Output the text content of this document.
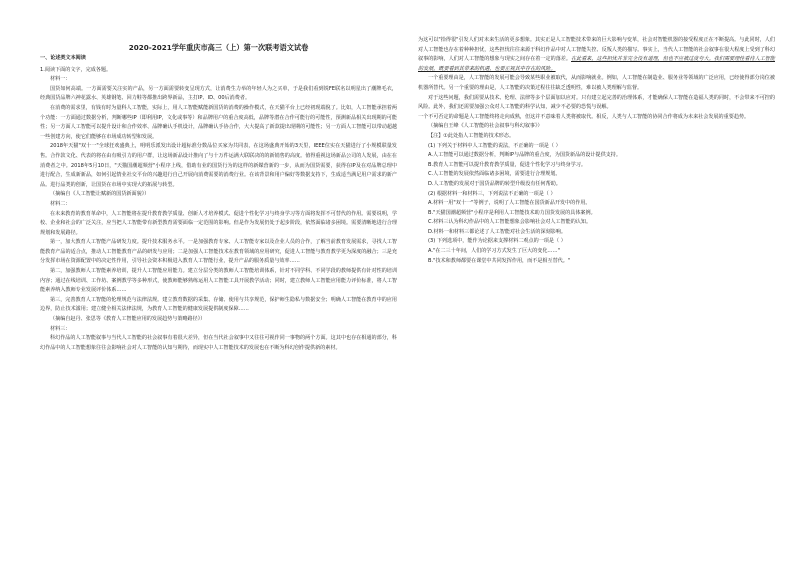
2020-2021学年重庆市高三（上）第一次联考语文试卷

一、论述类文本阅读

1.阅读下面的文字，完成各题。

材料一：

国货如何高端。一方面需要关注实的产品，另一方面需要转变呈现方式，让消费生力举的年轻人为之买单，于是我们看到锐FE联名以明星出了潮牌毛衣，经典国货品牌六神花露水、英雄钢笔、回力鞋等都推出跨界新品，主打IP、ID、00后消费者。

在消费的需求里，有钱有时为量科人工智能，实际上，用人工智能赋能新国货的消费的操作模式，在天猫平台上已经初现端倪了。比如，人工智能承担着两个功能：一方面通过数据分析，判断哪些IP（即利用IP，文化或事等）和品牌用户的重合度高低，品牌等潜在合作可能行的可能性，预测新品相关出现期的可能性；另一方面人工智能可以提升设计和合作效率、品牌确认手机设计，品牌确认手协合作，大大提高了新款提出现期的可能性；另一方面人工智能可以带动超越一些创建方向，使它们能够在市场成功转型和发展。

2018年天猫"双十一"全球狂欢盛典上，明明乐派发出设计超标准分数品位买家为共同表，在这场盛典开始的3天里，IEEE位实在天猫进行了小规模联量发售。合作款文化、代表的将在由有吸引力的用户群，让这场新品设计推向了与十万件运满大联联决的的新销售的高度。值得重视这场新品公司的人发展，由在在消费者之中。2018年5月10日，"天猫国潮超频营"小程序上线，借助有业的国货行为的这样的新媒营新的一步，从而为国货需要，获得在IP及在对品牌总理中进行配合，生成新新品，如何引起情业社交平台的兴趣进行自己开展向消费需要的消费行业。在该背景和用户偏好等数据支持下，生成适当满足用户需求的新产品。进行品类的创新，让国货在市场中实现大的拓展与转型。

（摘编自《人工智能让赋新的国货新面貌》）

材料二：

在未来教育的教育革命中，人工智能将在提升教育教学质量、创新人才培养模式、促进个性化学习与终身学习等方面将发挥不可替代的作用。需要说明，学校、企业和社会的广泛关注，应当把人工智能带有新型教育需要面临一定范围的影响。但是作为发展仍处于起步阶段，依然面临诸多困境。需要清晰地进行合理规划和发展路径。

第一，加大教育人工智能产品研发力度。提升技术服务水平。一是加强教育专家、人工智能专家以及企业人员的合作，了解当前教育发展需求，寻找人工智能教育产品的适合点，推动人工智能教育产品的研发与应用；二是加强人工智能技术在教育领域的应用研究，促进人工智能与教育教学更为深度的融合；三是充分发挥市场在资源配置中的决定性作用，引导社会资本积极进入教育人工智能行业，提升产品的服务质量与效率……

第二，加强教师人工智能素养培训，提升人工智能应用能力。建立分层分类的教师人工智能培训体系，针对不同学科、不同学段的教师提供有针对性的培训内容；通过在线培训、工作坊、案例教学等多种形式，使教师能够熟练运用人工智能工具开展教学活动；同时，建立教师人工智能应用能力评价标准，将人工智能素养纳入教师专业发展评价体系……

第三，完善教育人工智能的伦理规范与法律法规。建立教育数据的采集、存储、使用与共享规范，保护师生隐私与数据安全；明确人工智能在教育中的应用边界，防止技术滥用；建立健全相关法律法规，为教育人工智能的健康发展提供制度保障……

（摘编自赵丹、张思等《教育人工智能应用的发展趋势与策略路径》）

材料三：

科幻作品的人工智能叙事与当代人工智能的社会叙事有着很大差异，但在当代社会叙事中又往往可视作同一事物的两个方面。这其中也存在相通的部分，科幻作品中的人工智能想象往往会影响社会对人工智能的认知与期待，而现实中人工智能技术的发展也在不断为科幻创作提供新的素材。

为这可以"拾得很"引发人们对未来生活的更多想象。其实正是人工智能技术带来的巨大影响与变革，社会对智能机器的接受程度正在不断提高。与此同时，人们对人工智能也存在着种种担忧，这些担忧往往来源于科幻作品中对人工智能失控、反叛人类的描写。事实上，当代人工智能的社会叙事在很大程度上受到了科幻叙事的影响，人们对人工智能的想象与现实之间存在着一定的落差。在此看来，这些担忧并非完全没有道理，但也不应被过度夸大。我们需要理性看待人工智能的发展，既要看到其带来的机遇，也要正视其中存在的风险。

一个重要理由是，人工智能的发展可能会导致某些职业被取代，从而影响就业。例如，人工智能在制造业、服务业等领域的广泛应用，已经使得部分岗位被机器所替代。另一个重要的理由是，人工智能的决策过程往往缺乏透明性，难以被人类理解与监督。

对于这些问题，我们需要从技术、伦理、法律等多个层面加以应对。只有建立起完善的治理体系，才能确保人工智能在造福人类的同时，不会带来不可控的风险。此外，我们还需要加强公众对人工智能的科学认知，减少不必要的恐慌与误解。

一个不可否定的命题是人工智能终将走向成熟，但这并不意味着人类将被取代。相反，人类与人工智能的协同合作将成为未来社会发展的重要趋势。

（摘编自王峰《人工智能的社会叙事与科幻叙事》）

【注】①此处指人工智能的技术形态。

(1) 下列关于材料中人工智能的说法，不正确的一项是（ ）

A.人工智能可以通过数据分析，判断IP与品牌的重合度，为国货新品的设计提供支持。

B.教育人工智能可以提升教育教学质量，促进个性化学习与终身学习。

C.人工智能的发展依然面临诸多困境，需要进行合理规划。

D.人工智能的发展对于国货品牌的转型升级没有任何帮助。

(2) 根据材料一和材料三，下列说法不正确的一项是（ ）

A.材料一用"双十一"等例子，说明了人工智能在国货新品开发中的作用。

B."天猫国潮超频营"小程序是利用人工智能技术助力国货发展的具体案例。

C.材料三认为科幻作品中的人工智能想象会影响社会对人工智能的认知。

D.材料一和材料三都论述了人工智能对社会生活的深刻影响。

(3) 下列选项中，能作为论据来支撑材料二观点的一项是（ ）

A."在二三十年间，人们的学习方式发生了巨大的变化……"

B."技术和教师都要在课堂中共同发挥作用，而不是相互替代。"
